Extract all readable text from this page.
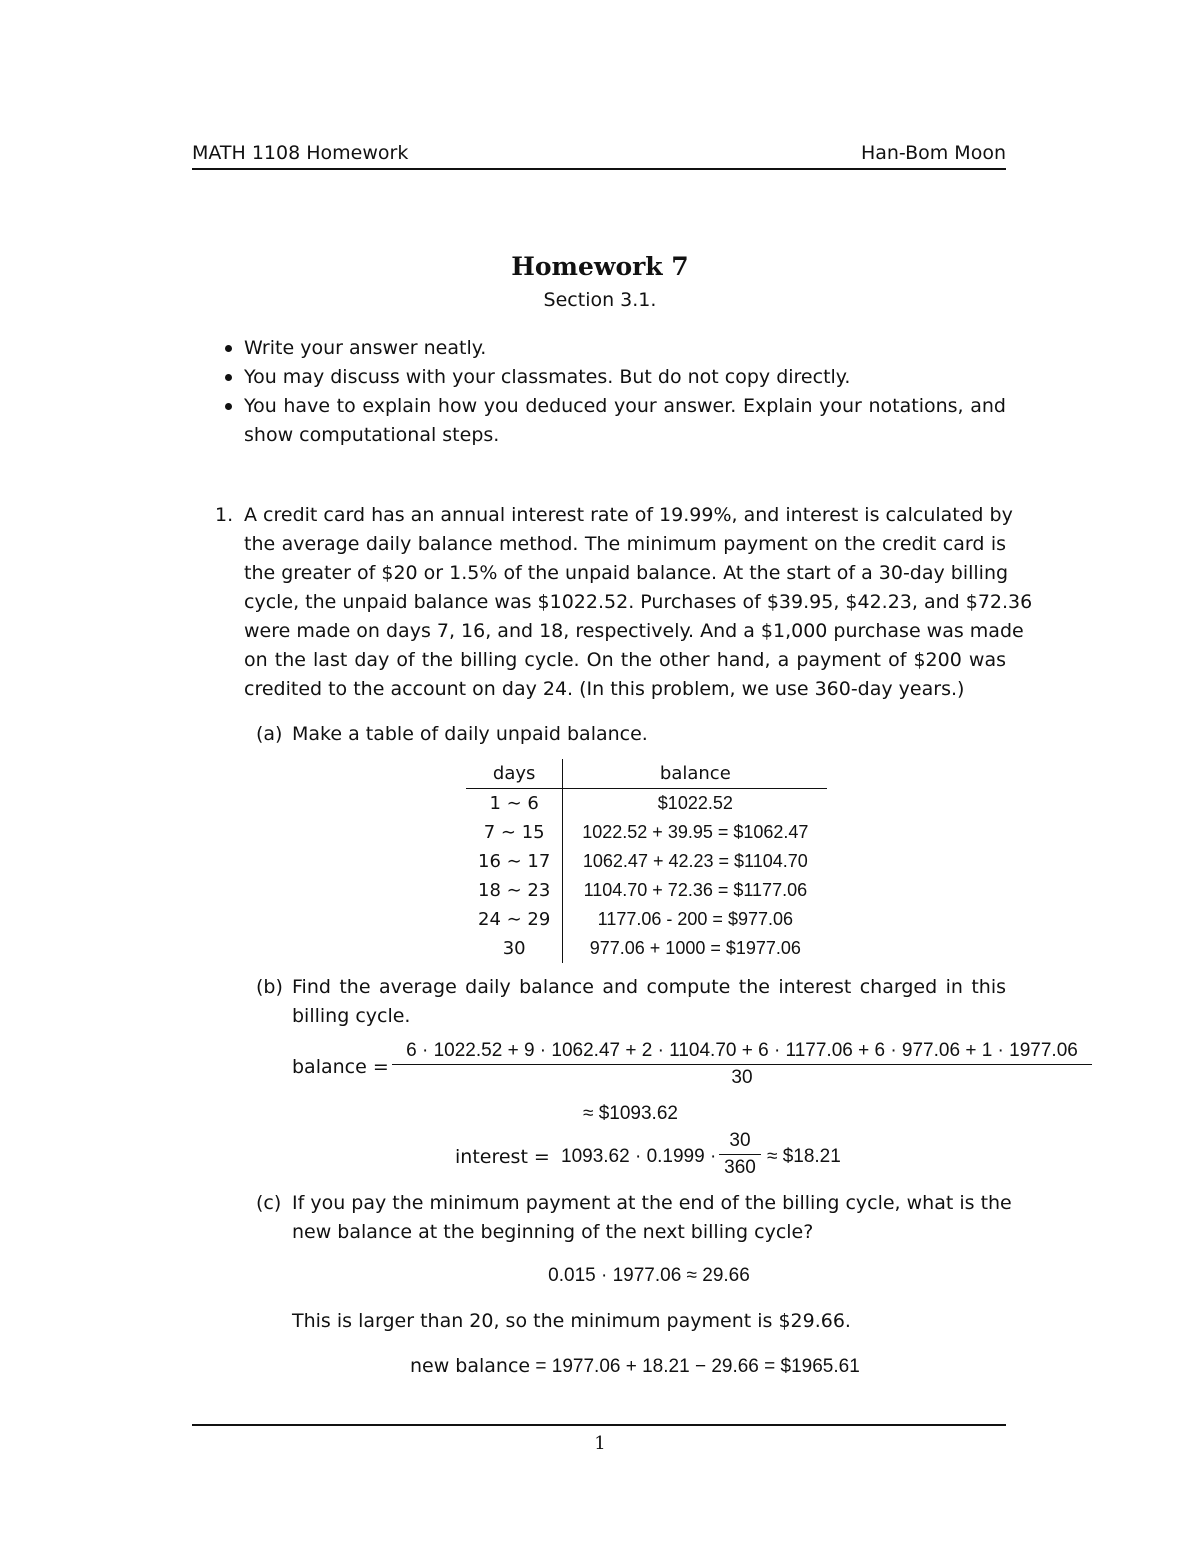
MATH 1108 Homework	Han-Bom Moon
Homework 7
Section 3.1.
Write your answer neatly.
You may discuss with your classmates. But do not copy directly.
You have to explain how you deduced your answer. Explain your notations, and
show computational steps.
1. A credit card has an annual interest rate of 19.99%, and interest is calculated by
the average daily balance method. The minimum payment on the credit card is
the greater of $20 or 1.5% of the unpaid balance. At the start of a 30-day billing
cycle, the unpaid balance was $1022.52. Purchases of $39.95, $42.23, and $72.36
were made on days 7, 16, and 18, respectively. And a $1,000 purchase was made
on the last day of the billing cycle. On the other hand, a payment of $200 was
credited to the account on day 24. (In this problem, we use 360-day years.)
(a) Make a table of daily unpaid balance.
days	balance
1 ∼ 6	$1022.52
7 ∼ 15	1022.52 + 39.95 = $1062.47
16 ∼ 17	1062.47 + 42.23 = $1104.70
18 ∼ 23	1104.70 + 72.36 = $1177.06
24 ∼ 29	1177.06 - 200 = $977.06
30	977.06 + 1000 = $1977.06
(b) Find the average daily balance and compute the interest charged in this
billing cycle.
balance =
6 · 1022.52 + 9 · 1062.47 + 2 · 1104.70 + 6 · 1177.06 + 6 · 977.06 + 1 · 1977.06
30
≈ $1093.62
interest = $1093.62 \cdot 0.1999 \cdot \frac{30}{360}$ ≈ $18.21
(c) If you pay the minimum payment at the end of the billing cycle, what is the
new balance at the beginning of the next billing cycle?
0.015 · 1977.06 ≈ 29.66
This is larger than 20, so the minimum payment is $29.66.
new balance = 1977.06 + 18.21 − 29.66 = $1965.61
1
